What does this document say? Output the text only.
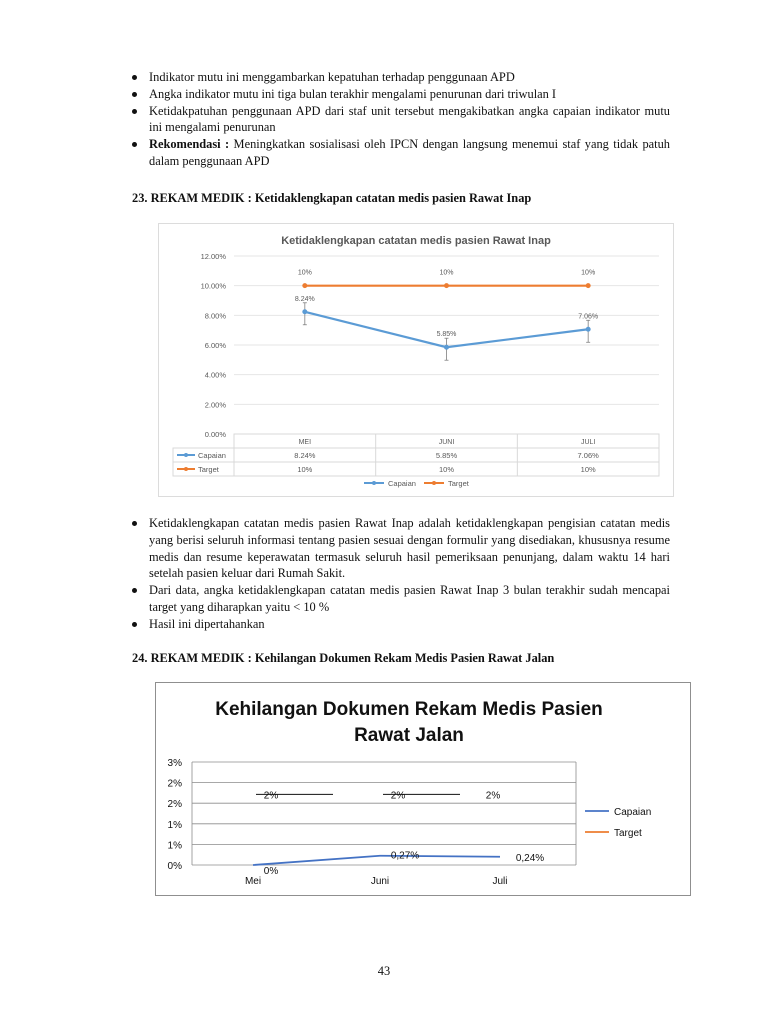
Indikator mutu ini menggambarkan kepatuhan terhadap penggunaan APD
Angka indikator mutu ini tiga bulan terakhir mengalami penurunan dari triwulan I
Ketidakpatuhan penggunaan APD dari staf unit tersebut mengakibatkan angka capaian indikator mutu ini mengalami penurunan
Rekomendasi : Meningkatkan sosialisasi oleh IPCN dengan langsung menemui staf yang tidak patuh dalam penggunaan APD
23. REKAM MEDIK : Ketidaklengkapan catatan medis pasien Rawat Inap
Ketidaklengkapan catatan medis pasien Rawat Inap
0.00%
2.00%
4.00%
6.00%
8.00%
10.00%
12.00%
MEI	JUNI	JULI
Capaian	8.24%	5.85%	7.06%
Target	10%	10%	10%
10%	10%	10%
8.24%
5.85%
7.06%
Capaian	Target
Ketidaklengkapan catatan medis pasien Rawat Inap adalah ketidaklengkapan pengisian catatan medis yang berisi seluruh informasi tentang pasien sesuai dengan formulir yang disediakan, khususnya resume medis dan resume keperawatan termasuk seluruh hasil pemeriksaan penunjang, dalam waktu 14 hari setelah pasien keluar dari Rumah Sakit.
Dari data, angka ketidaklengkapan catatan medis pasien Rawat Inap 3 bulan terakhir sudah mencapai target yang diharapkan yaitu < 10 %
Hasil ini dipertahankan
24. REKAM MEDIK : Kehilangan Dokumen Rekam Medis Pasien Rawat Jalan
Kehilangan Dokumen Rekam Medis Pasien
Rawat Jalan
0%
1%
1%
2%
2%
3%
Mei	Juni	Juli
2%	2%	2%
0%
0,27%	0,24%
Capaian
Target
43
